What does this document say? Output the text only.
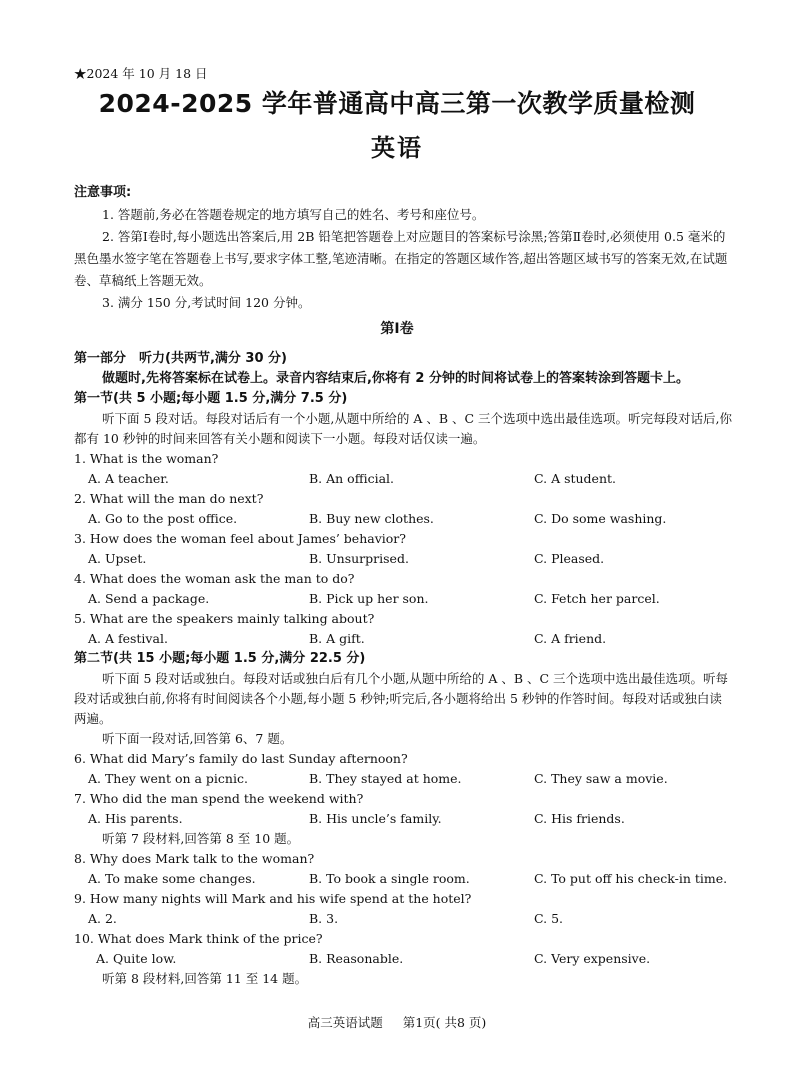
★2024 年 10 月 18 日
2024-2025 学年普通高中高三第一次教学质量检测
英语
注意事项:
1. 答题前,务必在答题卷规定的地方填写自己的姓名、考号和座位号。
2. 答第Ⅰ卷时,每小题选出答案后,用 2B 铅笔把答题卷上对应题目的答案标号涂黑;答第Ⅱ卷时,必须使用 0.5 毫米的黑色墨水签字笔在答题卷上书写,要求字体工整,笔迹清晰。在指定的答题区域作答,超出答题区域书写的答案无效,在试题卷、草稿纸上答题无效。
3. 满分 150 分,考试时间 120 分钟。
第Ⅰ卷
第一部分　听力(共两节,满分 30 分)
做题时,先将答案标在试卷上。录音内容结束后,你将有 2 分钟的时间将试卷上的答案转涂到答题卡上。
第一节(共 5 小题;每小题 1.5 分,满分 7.5 分)
听下面 5 段对话。每段对话后有一个小题,从题中所给的 A 、B 、C 三个选项中选出最佳选项。听完每段对话后,你都有 10 秒钟的时间来回答有关小题和阅读下一小题。每段对话仅读一遍。
1. What is the woman?
A. A teacher.	B. An official.	C. A student.
2. What will the man do next?
A. Go to the post office.	B. Buy new clothes.	C. Do some washing.
3. How does the woman feel about James’ behavior?
A. Upset.	B. Unsurprised.	C. Pleased.
4. What does the woman ask the man to do?
A. Send a package.	B. Pick up her son.	C. Fetch her parcel.
5. What are the speakers mainly talking about?
A. A festival.	B. A gift.	C. A friend.
第二节(共 15 小题;每小题 1.5 分,满分 22.5 分)
听下面 5 段对话或独白。每段对话或独白后有几个小题,从题中所给的 A 、B 、C 三个选项中选出最佳选项。听每段对话或独白前,你将有时间阅读各个小题,每小题 5 秒钟;听完后,各小题将给出 5 秒钟的作答时间。每段对话或独白读两遍。
听下面一段对话,回答第 6、7 题。
6. What did Mary’s family do last Sunday afternoon?
A. They went on a picnic.	B. They stayed at home.	C. They saw a movie.
7. Who did the man spend the weekend with?
A. His parents.	B. His uncle’s family.	C. His friends.
听第 7 段材料,回答第 8 至 10 题。
8. Why does Mark talk to the woman?
A. To make some changes.	B. To book a single room.	C. To put off his check-in time.
9. How many nights will Mark and his wife spend at the hotel?
A. 2.	B. 3.	C. 5.
10. What does Mark think of the price?
A. Quite low.	B. Reasonable.	C. Very expensive.
听第 8 段材料,回答第 11 至 14 题。
高三英语试题 第1页( 共8 页)
